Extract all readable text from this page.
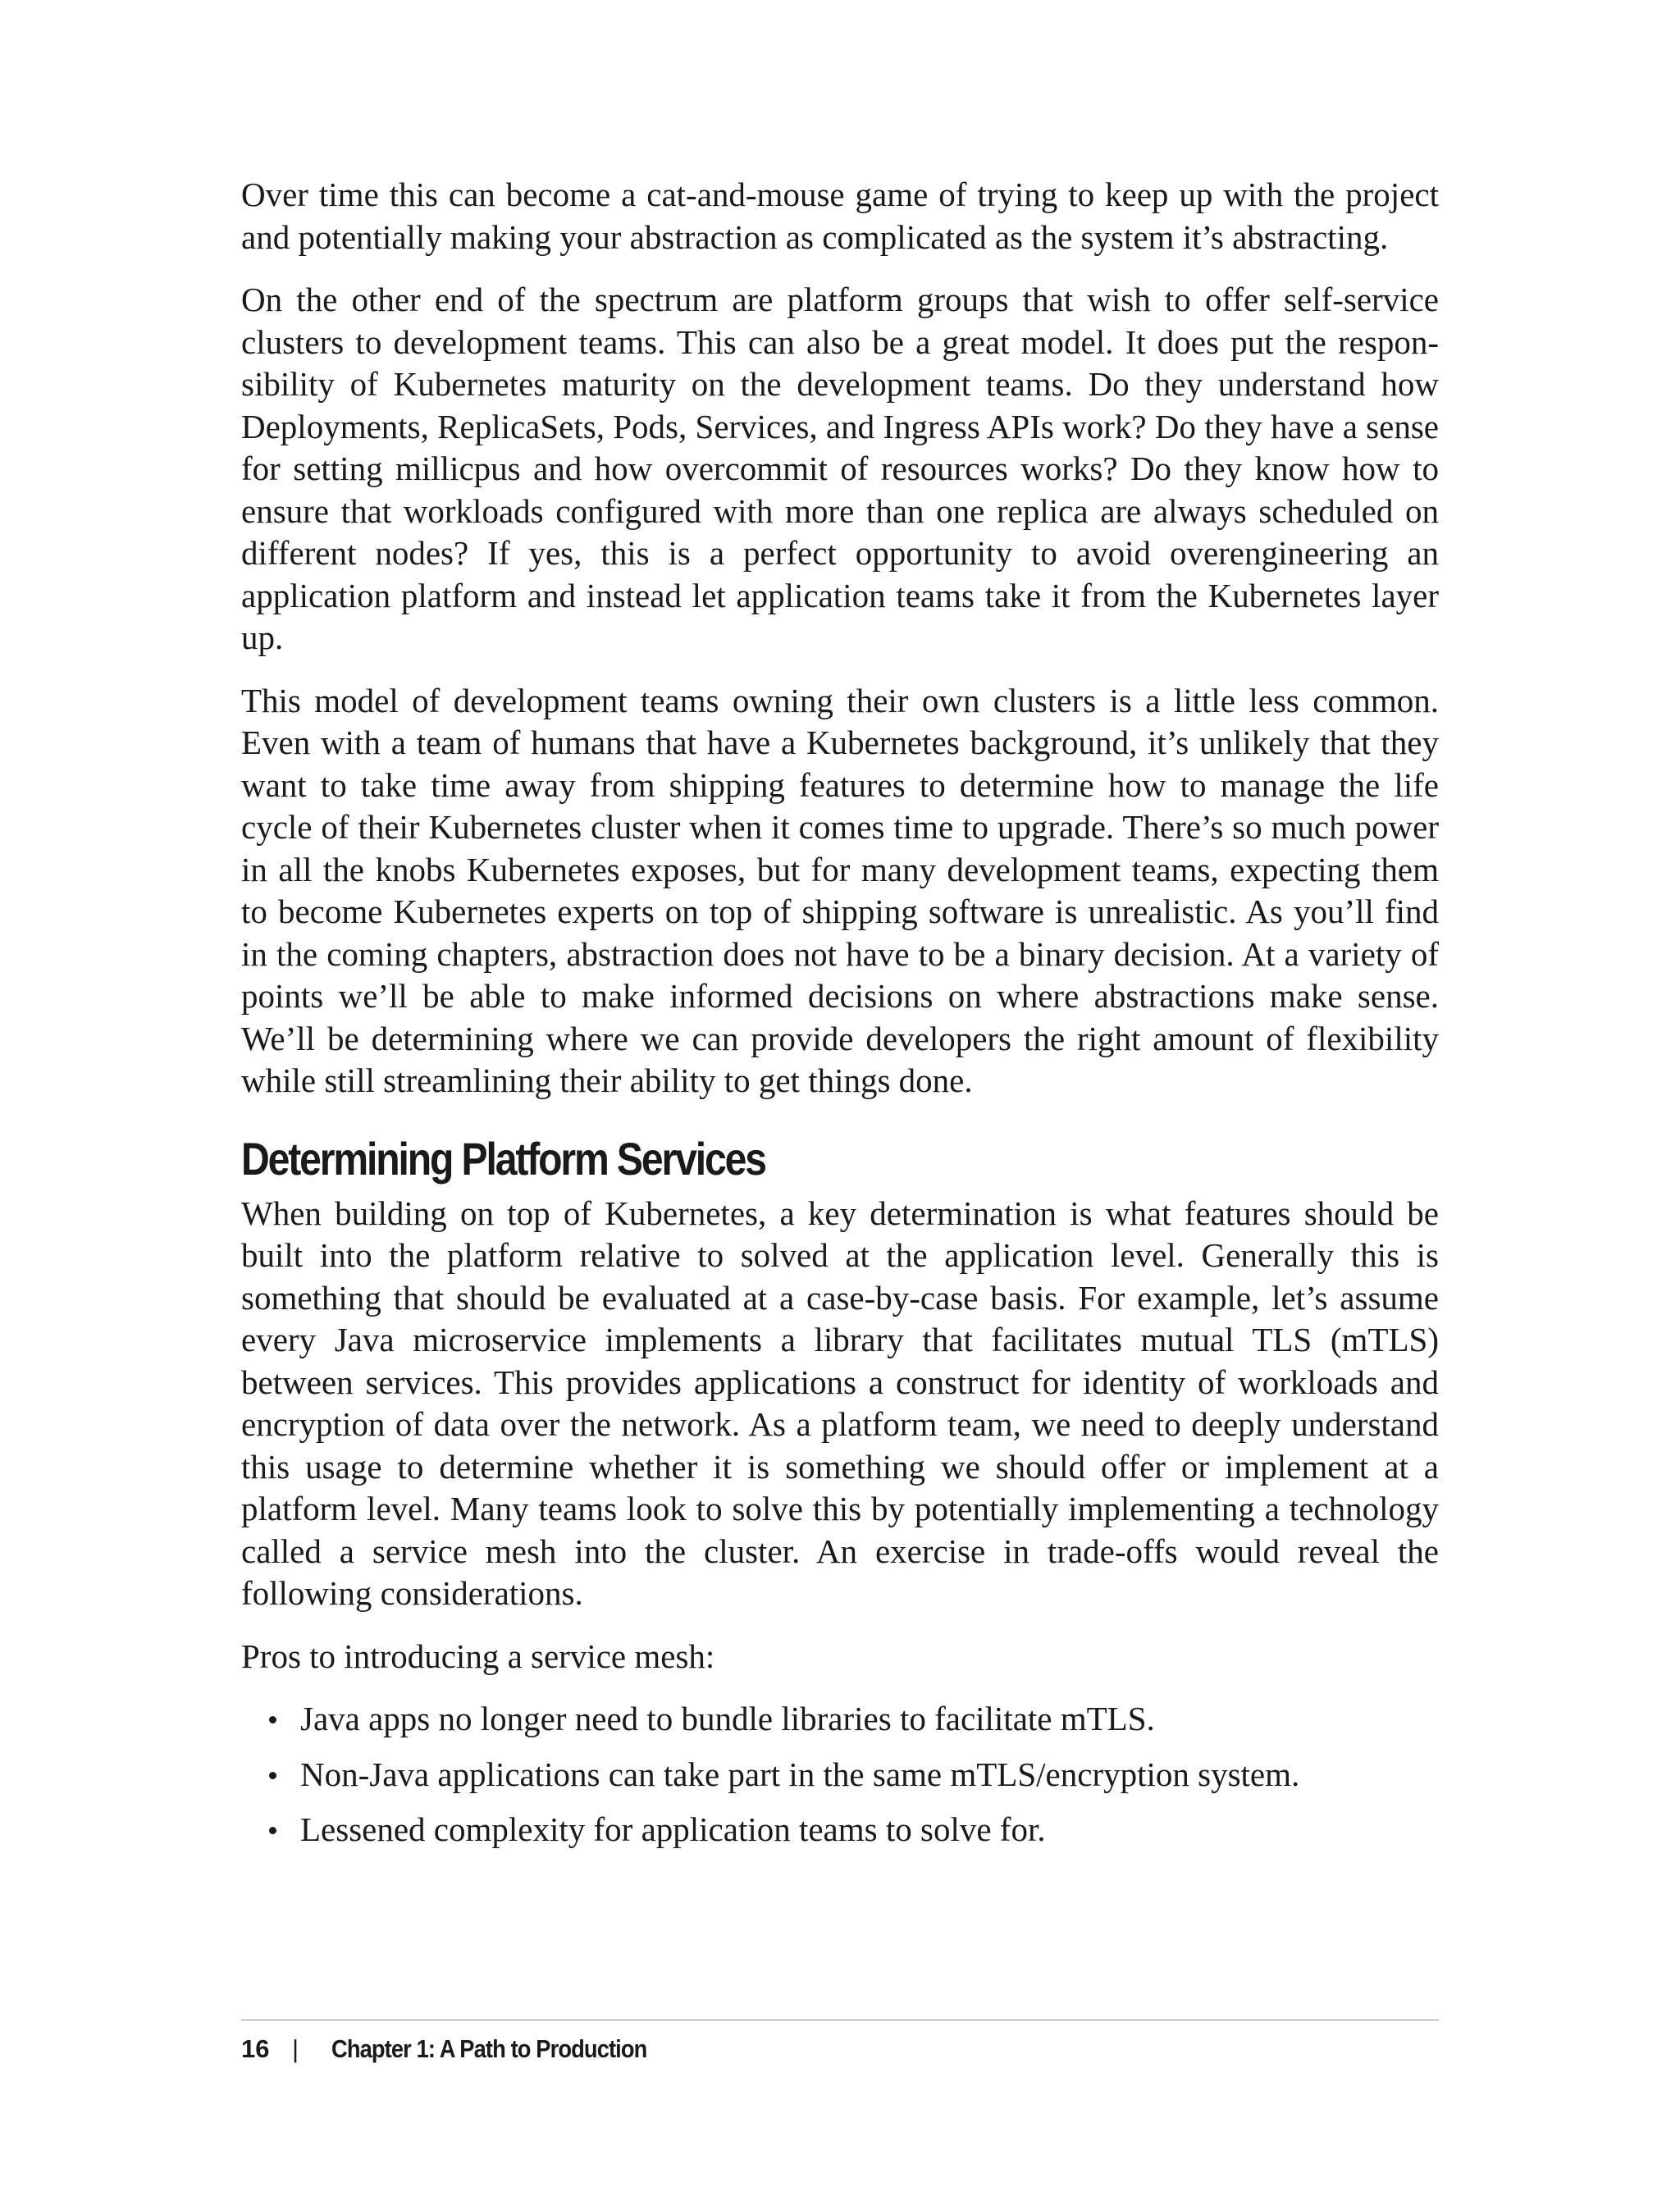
Over time this can become a cat-and-mouse game of trying to keep up with the project and potentially making your abstraction as complicated as the system it’s abstracting.

On the other end of the spectrum are platform groups that wish to offer self-service clusters to development teams. This can also be a great model. It does put the responsibility of Kubernetes maturity on the development teams. Do they understand how Deployments, ReplicaSets, Pods, Services, and Ingress APIs work? Do they have a sense for setting millicpus and how overcommit of resources works? Do they know how to ensure that workloads configured with more than one replica are always scheduled on different nodes? If yes, this is a perfect opportunity to avoid overengineering an application platform and instead let application teams take it from the Kubernetes layer up.

This model of development teams owning their own clusters is a little less common. Even with a team of humans that have a Kubernetes background, it’s unlikely that they want to take time away from shipping features to determine how to manage the life cycle of their Kubernetes cluster when it comes time to upgrade. There’s so much power in all the knobs Kubernetes exposes, but for many development teams, expecting them to become Kubernetes experts on top of shipping software is unrealistic. As you’ll find in the coming chapters, abstraction does not have to be a binary decision. At a variety of points we’ll be able to make informed decisions on where abstractions make sense. We’ll be determining where we can provide developers the right amount of flexibility while still streamlining their ability to get things done.

Determining Platform Services

When building on top of Kubernetes, a key determination is what features should be built into the platform relative to solved at the application level. Generally this is something that should be evaluated at a case-by-case basis. For example, let’s assume every Java microservice implements a library that facilitates mutual TLS (mTLS) between services. This provides applications a construct for identity of workloads and encryption of data over the network. As a platform team, we need to deeply understand this usage to determine whether it is something we should offer or implement at a platform level. Many teams look to solve this by potentially implementing a technology called a service mesh into the cluster. An exercise in trade-offs would reveal the following considerations.

Pros to introducing a service mesh:

Java apps no longer need to bundle libraries to facilitate mTLS.
Non-Java applications can take part in the same mTLS/encryption system.
Lessened complexity for application teams to solve for.
16 | Chapter 1: A Path to Production
